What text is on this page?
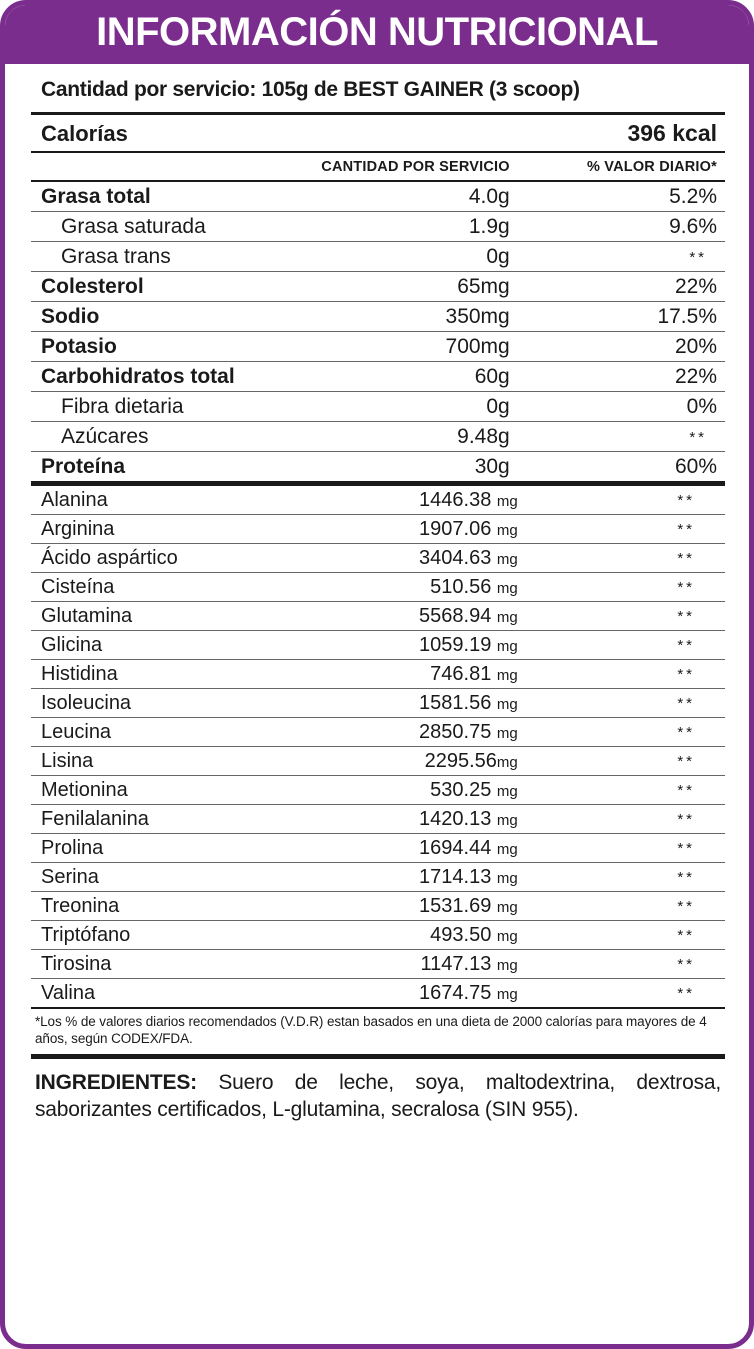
INFORMACIÓN NUTRICIONAL
Cantidad por servicio: 105g de BEST GAINER (3 scoop)
Calorías	396 kcal
	CANTIDAD POR SERVICIO	% VALOR DIARIO*
Grasa total	4.0g	5.2%
Grasa saturada	1.9g	9.6%
Grasa trans	0g	**
Colesterol	65mg	22%
Sodio	350mg	17.5%
Potasio	700mg	20%
Carbohidratos total	60g	22%
Fibra dietaria	0g	0%
Azúcares	9.48g	**
Proteína	30g	60%
Alanina	1446.38 mg	**
Arginina	1907.06 mg	**
Ácido aspártico	3404.63 mg	**
Cisteína	510.56 mg	**
Glutamina	5568.94 mg	**
Glicina	1059.19 mg	**
Histidina	746.81 mg	**
Isoleucina	1581.56 mg	**
Leucina	2850.75 mg	**
Lisina	2295.56mg	**
Metionina	530.25 mg	**
Fenilalanina	1420.13 mg	**
Prolina	1694.44 mg	**
Serina	1714.13 mg	**
Treonina	1531.69 mg	**
Triptófano	493.50 mg	**
Tirosina	1147.13 mg	**
Valina	1674.75 mg	**
*Los % de valores diarios recomendados (V.D.R) estan basados en una dieta de 2000 calorías para mayores de 4 años, según CODEX/FDA.
INGREDIENTES: Suero de leche, soya, maltodextrina, dextrosa, saborizantes certificados, L-glutamina, secralosa (SIN 955).
